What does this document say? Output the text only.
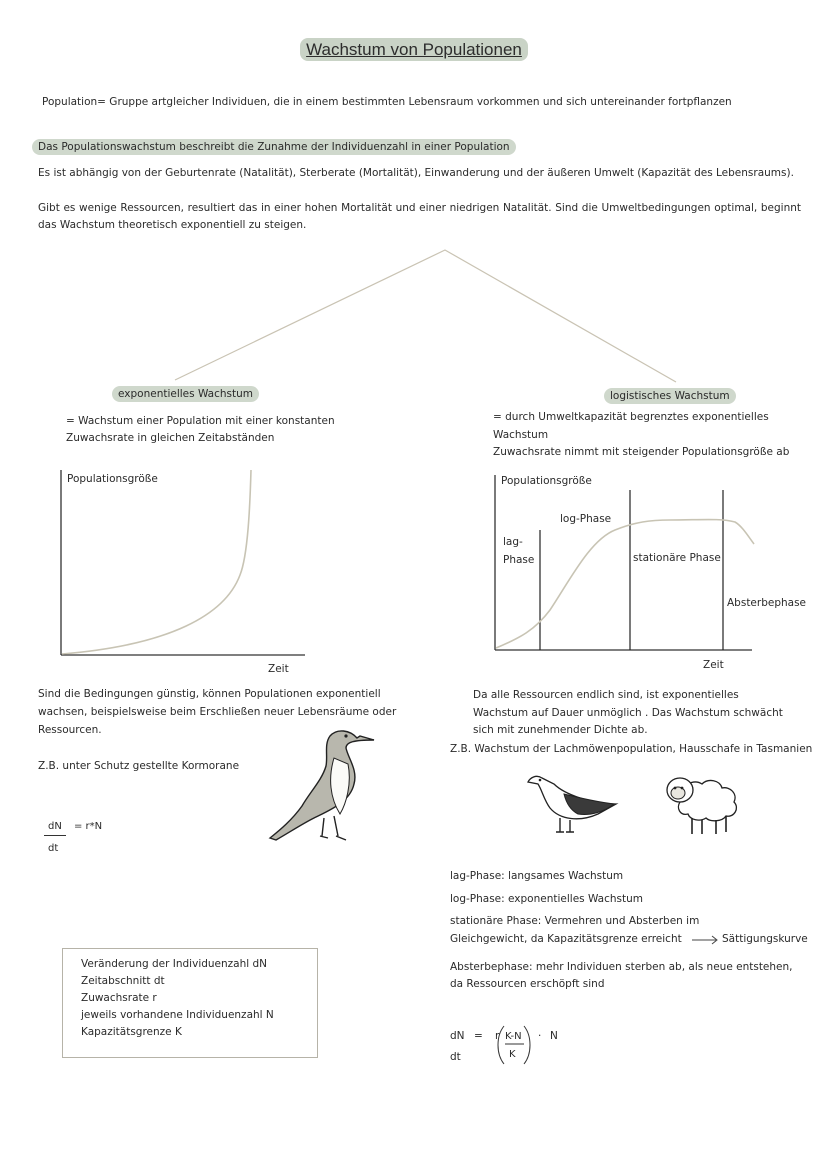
Wachstum von Populationen
Population= Gruppe artgleicher Individuen, die in einem bestimmten Lebensraum vorkommen und sich untereinander fortpflanzen
Das Populationswachstum beschreibt die Zunahme der Individuenzahl in einer Population
Es ist abhängig von der Geburtenrate (Natalität), Sterberate (Mortalität), Einwanderung und der äußeren Umwelt (Kapazität des Lebensraums).
Gibt es wenige Ressourcen, resultiert das in einer hohen Mortalität und einer niedrigen Natalität. Sind die Umweltbedingungen optimal, beginnt das Wachstum theoretisch exponentiell zu steigen.
exponentielles Wachstum
= Wachstum einer Population mit einer konstanten
Zuwachsrate in gleichen Zeitabständen
Populationsgröße
Zeit
Sind die Bedingungen günstig, können Populationen exponentiell
wachsen, beispielsweise beim Erschließen neuer Lebensräume oder
Ressourcen.
Z.B. unter Schutz gestellte Kormorane
dN = r*N
dt
Veränderung der Individuenzahl dN
Zeitabschnitt dt
Zuwachsrate r
jeweils vorhandene Individuenzahl N
Kapazitätsgrenze K
logistisches Wachstum
= durch Umweltkapazität begrenztes exponentielles
Wachstum
Zuwachsrate nimmt mit steigender Populationsgröße ab
Populationsgröße
lag-
Phase
log-Phase
stationäre Phase
Absterbephase
Zeit
Da alle Ressourcen endlich sind, ist exponentielles
Wachstum auf Dauer unmöglich . Das Wachstum schwächt
sich mit zunehmender Dichte ab.
Z.B. Wachstum der Lachmöwenpopulation, Hausschafe in Tasmanien
lag-Phase: langsames Wachstum
log-Phase: exponentielles Wachstum
stationäre Phase: Vermehren und Absterben im
Gleichgewicht, da Kapazitätsgrenze erreicht	Sättigungskurve
Absterbephase: mehr Individuen sterben ab, als neue entstehen,
da Ressourcen erschöpft sind
dN
dt
= r K-N
K
· N
